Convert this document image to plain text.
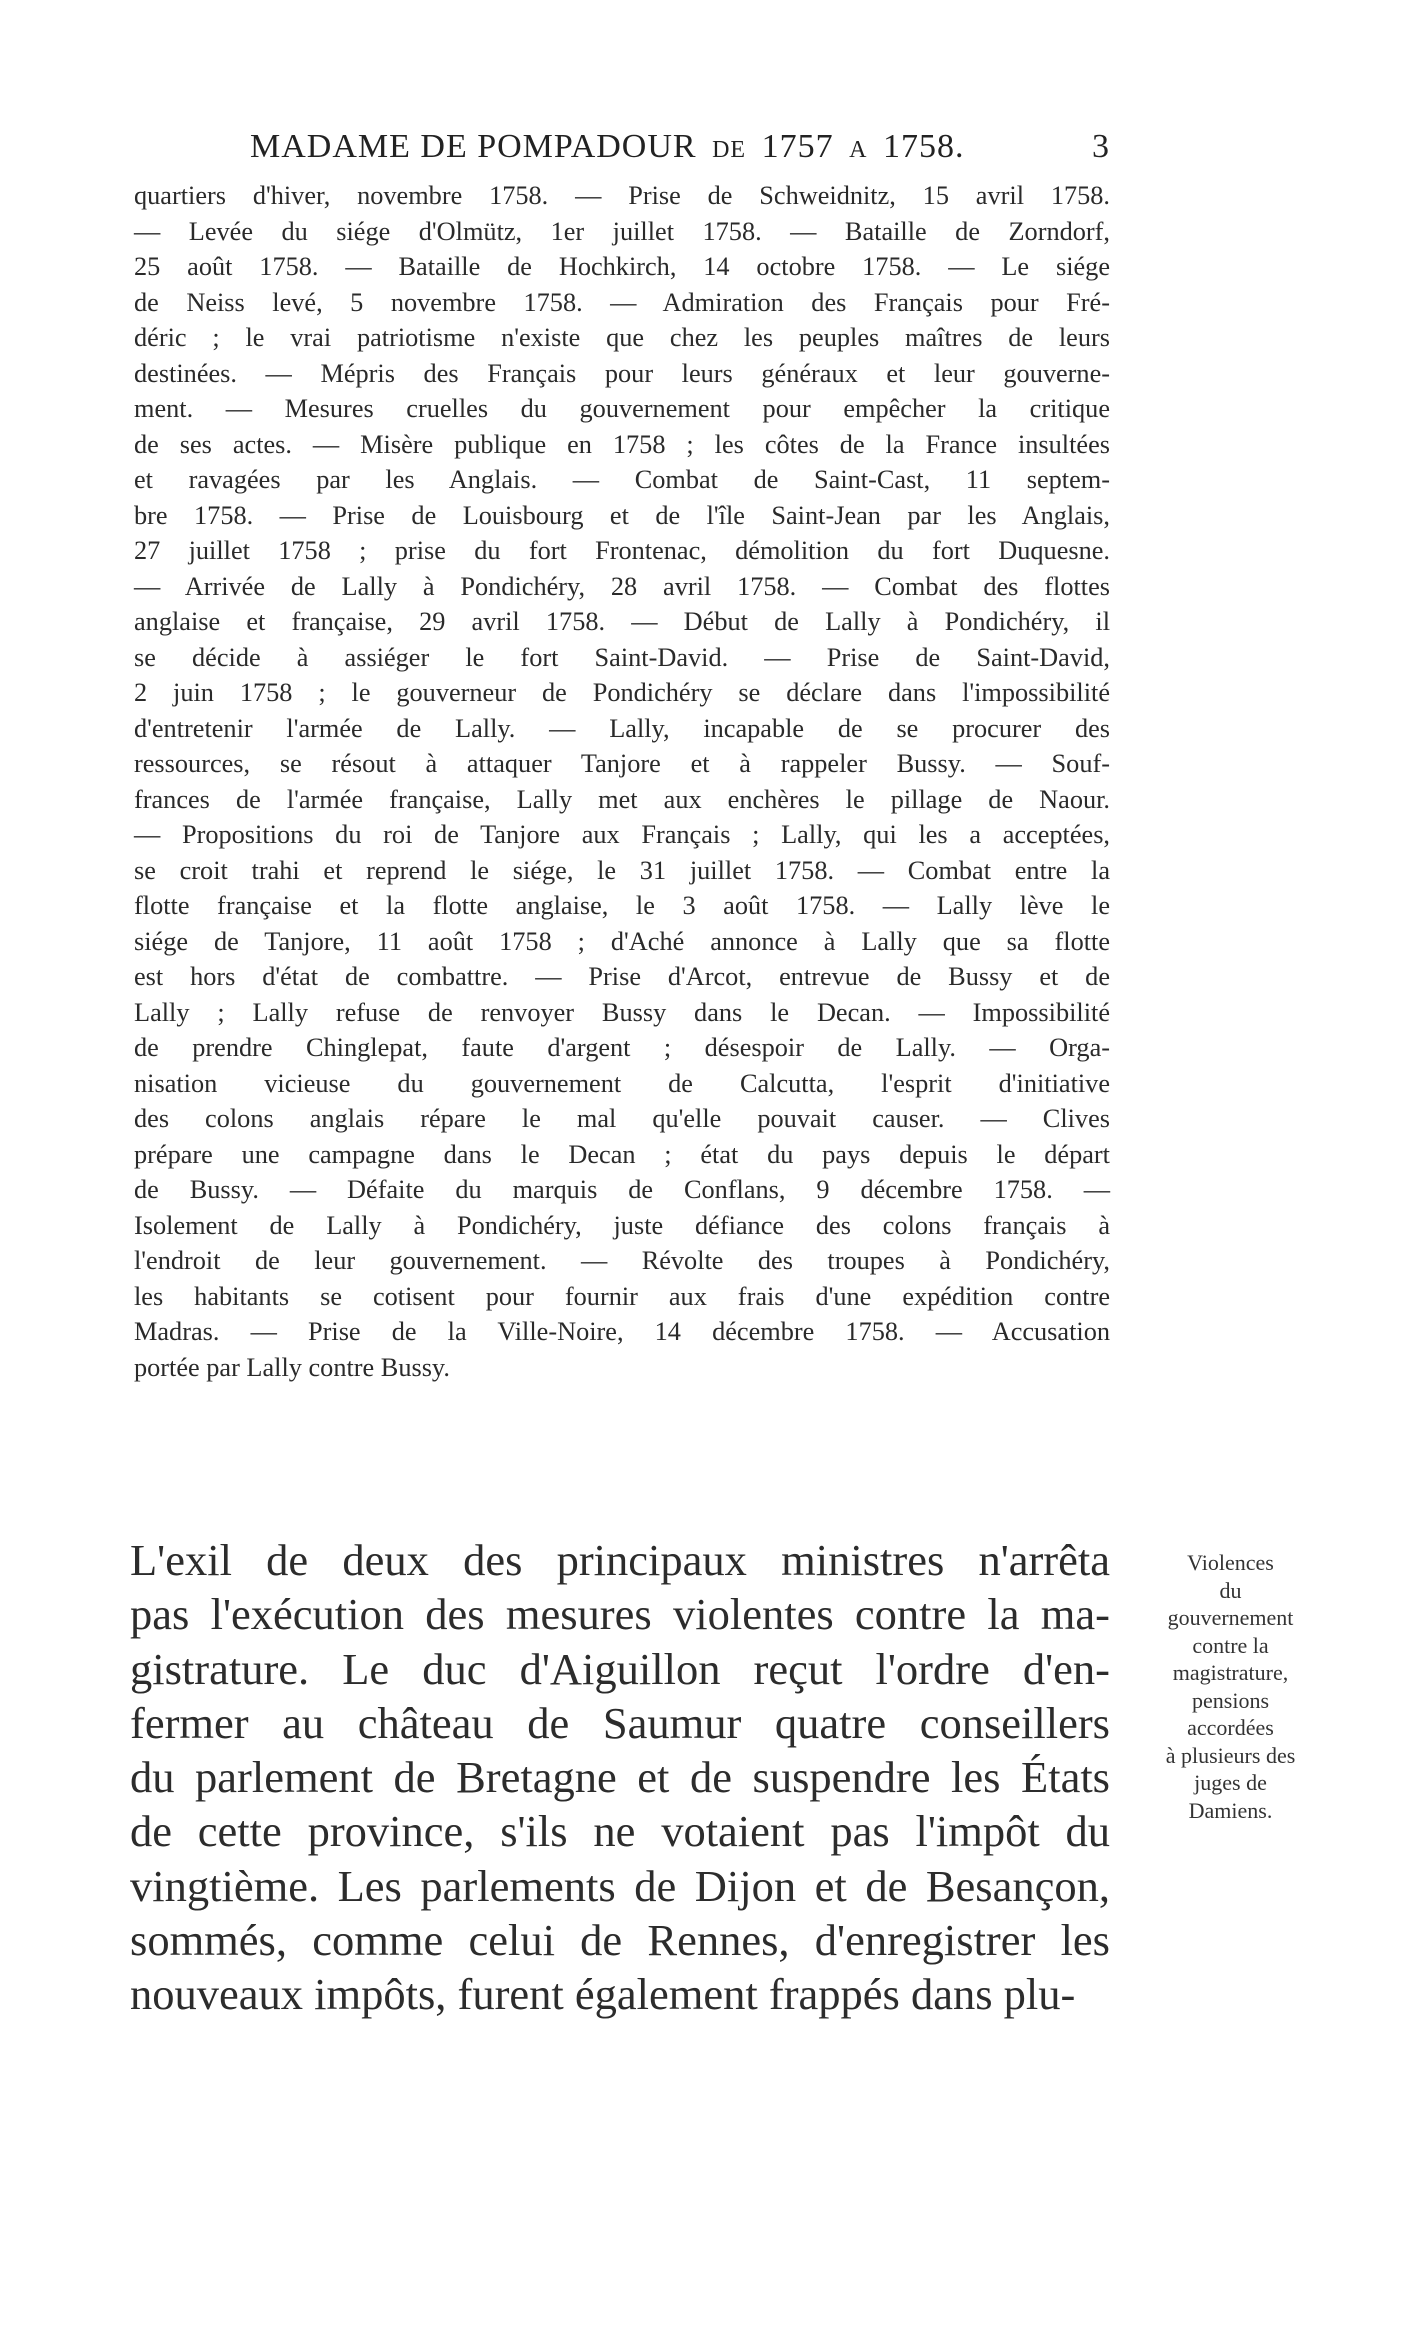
MADAME DE POMPADOUR DE 1757 A 1758.	3
quartiers d'hiver, novembre 1758. — Prise de Schweidnitz, 15 avril 1758.
— Levée du siége d'Olmütz, 1er juillet 1758. — Bataille de Zorndorf,
25 août 1758. — Bataille de Hochkirch, 14 octobre 1758. — Le siége
de Neiss levé, 5 novembre 1758. — Admiration des Français pour Fré-
déric ; le vrai patriotisme n'existe que chez les peuples maîtres de leurs
destinées. — Mépris des Français pour leurs généraux et leur gouverne-
ment. — Mesures cruelles du gouvernement pour empêcher la critique
de ses actes. — Misère publique en 1758 ; les côtes de la France insultées
et ravagées par les Anglais. — Combat de Saint-Cast, 11 septem-
bre 1758. — Prise de Louisbourg et de l'île Saint-Jean par les Anglais,
27 juillet 1758 ; prise du fort Frontenac, démolition du fort Duquesne.
— Arrivée de Lally à Pondichéry, 28 avril 1758. — Combat des flottes
anglaise et française, 29 avril 1758. — Début de Lally à Pondichéry, il
se décide à assiéger le fort Saint-David. — Prise de Saint-David,
2 juin 1758 ; le gouverneur de Pondichéry se déclare dans l'impossibilité
d'entretenir l'armée de Lally. — Lally, incapable de se procurer des
ressources, se résout à attaquer Tanjore et à rappeler Bussy. — Souf-
frances de l'armée française, Lally met aux enchères le pillage de Naour.
— Propositions du roi de Tanjore aux Français ; Lally, qui les a acceptées,
se croit trahi et reprend le siége, le 31 juillet 1758. — Combat entre la
flotte française et la flotte anglaise, le 3 août 1758. — Lally lève le
siége de Tanjore, 11 août 1758 ; d'Aché annonce à Lally que sa flotte
est hors d'état de combattre. — Prise d'Arcot, entrevue de Bussy et de
Lally ; Lally refuse de renvoyer Bussy dans le Decan. — Impossibilité
de prendre Chinglepat, faute d'argent ; désespoir de Lally. — Orga-
nisation vicieuse du gouvernement de Calcutta, l'esprit d'initiative
des colons anglais répare le mal qu'elle pouvait causer. — Clives
prépare une campagne dans le Decan ; état du pays depuis le départ
de Bussy. — Défaite du marquis de Conflans, 9 décembre 1758. —
Isolement de Lally à Pondichéry, juste défiance des colons français à
l'endroit de leur gouvernement. — Révolte des troupes à Pondichéry,
les habitants se cotisent pour fournir aux frais d'une expédition contre
Madras. — Prise de la Ville-Noire, 14 décembre 1758. — Accusation
portée par Lally contre Bussy.
L'exil de deux des principaux ministres n'arrêta
pas l'exécution des mesures violentes contre la ma-
gistrature. Le duc d'Aiguillon reçut l'ordre d'en-
fermer au château de Saumur quatre conseillers
du parlement de Bretagne et de suspendre les États
de cette province, s'ils ne votaient pas l'impôt du
vingtième. Les parlements de Dijon et de Besançon,
sommés, comme celui de Rennes, d'enregistrer les
nouveaux impôts, furent également frappés dans plu-
Violences
du
gouvernement
contre la
magistrature,
pensions
accordées
à plusieurs des
juges de
Damiens.
